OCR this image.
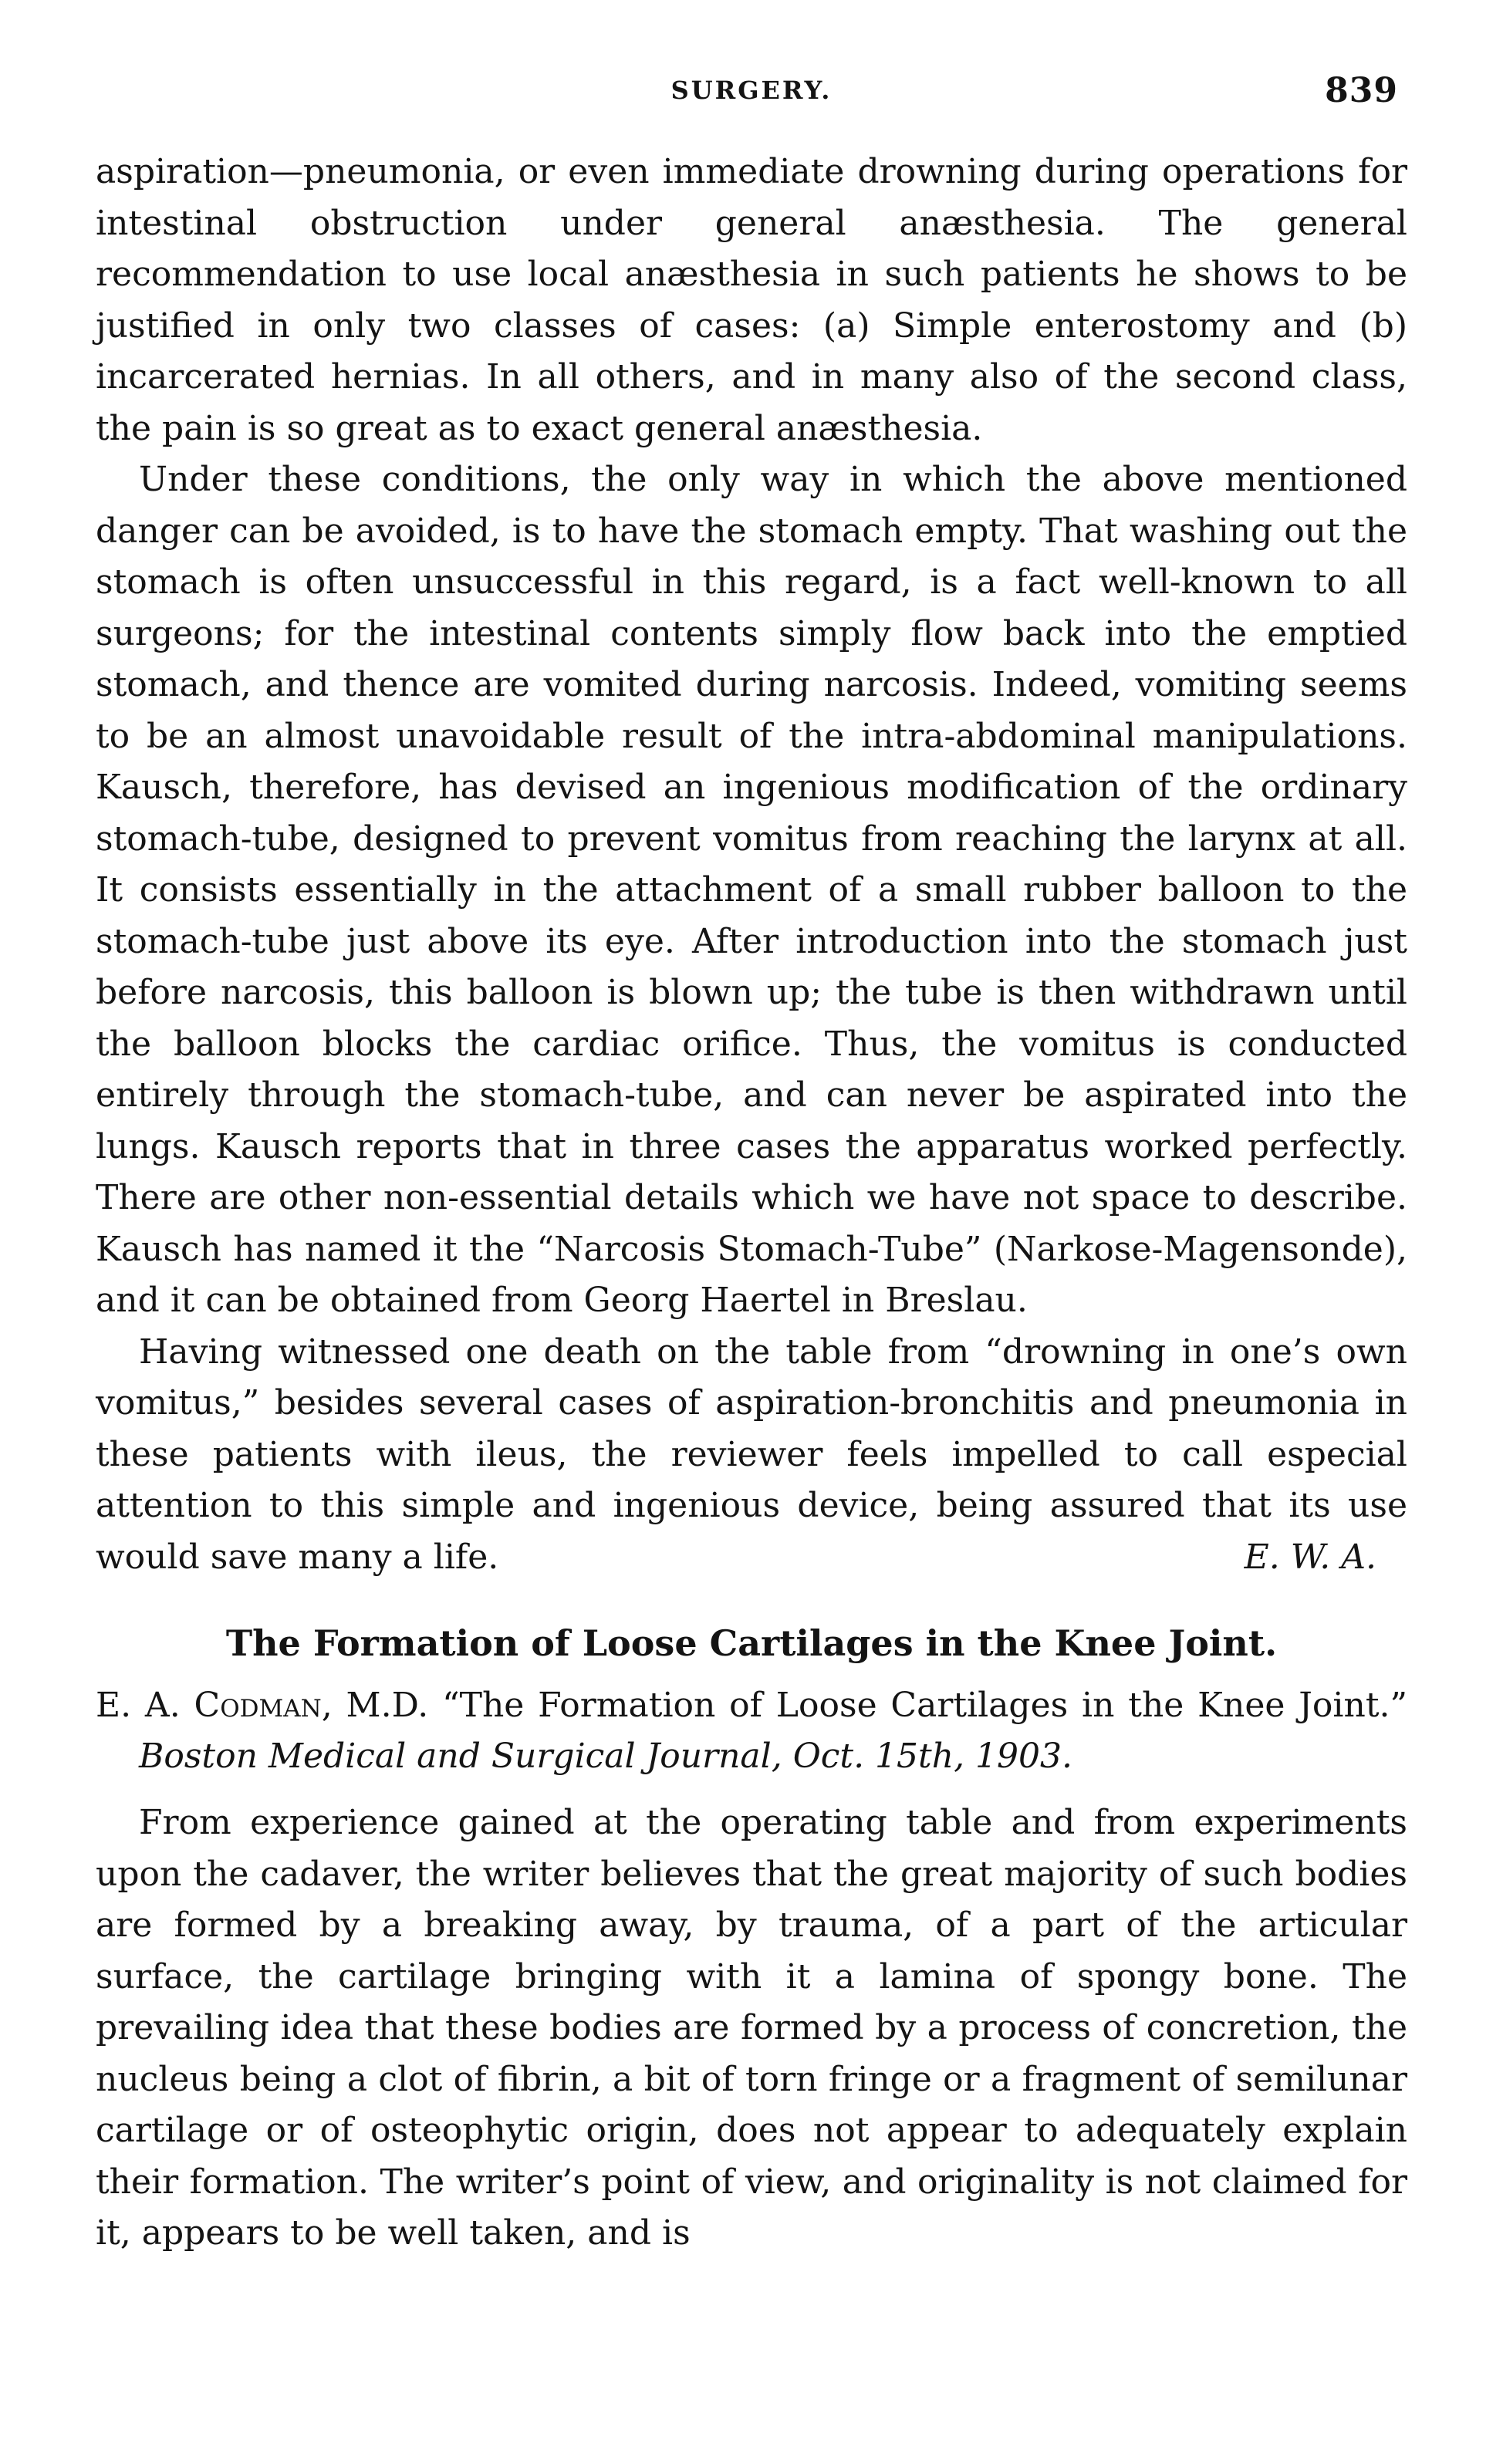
SURGERY.	839

aspiration—pneumonia, or even immediate drowning during operations for intestinal obstruction under general anæsthesia. The general recommendation to use local anæsthesia in such patients he shows to be justified in only two classes of cases: (a) Simple enterostomy and (b) incarcerated hernias. In all others, and in many also of the second class, the pain is so great as to exact general anæsthesia.

Under these conditions, the only way in which the above mentioned danger can be avoided, is to have the stomach empty. That washing out the stomach is often unsuccessful in this regard, is a fact well-known to all surgeons; for the intestinal contents simply flow back into the emptied stomach, and thence are vomited during narcosis. Indeed, vomiting seems to be an almost unavoidable result of the intra-abdominal manipulations. Kausch, therefore, has devised an ingenious modification of the ordinary stomach-tube, designed to prevent vomitus from reaching the larynx at all. It consists essentially in the attachment of a small rubber balloon to the stomach-tube just above its eye. After introduction into the stomach just before narcosis, this balloon is blown up; the tube is then withdrawn until the balloon blocks the cardiac orifice. Thus, the vomitus is conducted entirely through the stomach-tube, and can never be aspirated into the lungs. Kausch reports that in three cases the apparatus worked perfectly. There are other non-essential details which we have not space to describe. Kausch has named it the “Narcosis Stomach-Tube” (Narkose-Magensonde), and it can be obtained from Georg Haertel in Breslau.

Having witnessed one death on the table from “drowning in one’s own vomitus,” besides several cases of aspiration-bronchitis and pneumonia in these patients with ileus, the reviewer feels impelled to call especial attention to this simple and ingenious device, being assured that its use would save many a life.	E. W. A.

The Formation of Loose Cartilages in the Knee Joint.

E. A. Codman, M.D. “The Formation of Loose Cartilages in the Knee Joint.” Boston Medical and Surgical Journal, Oct. 15th, 1903.

From experience gained at the operating table and from experiments upon the cadaver, the writer believes that the great majority of such bodies are formed by a breaking away, by trauma, of a part of the articular surface, the cartilage bringing with it a lamina of spongy bone. The prevailing idea that these bodies are formed by a process of concretion, the nucleus being a clot of fibrin, a bit of torn fringe or a fragment of semilunar cartilage or of osteophytic origin, does not appear to adequately explain their formation. The writer’s point of view, and originality is not claimed for it, appears to be well taken, and is
